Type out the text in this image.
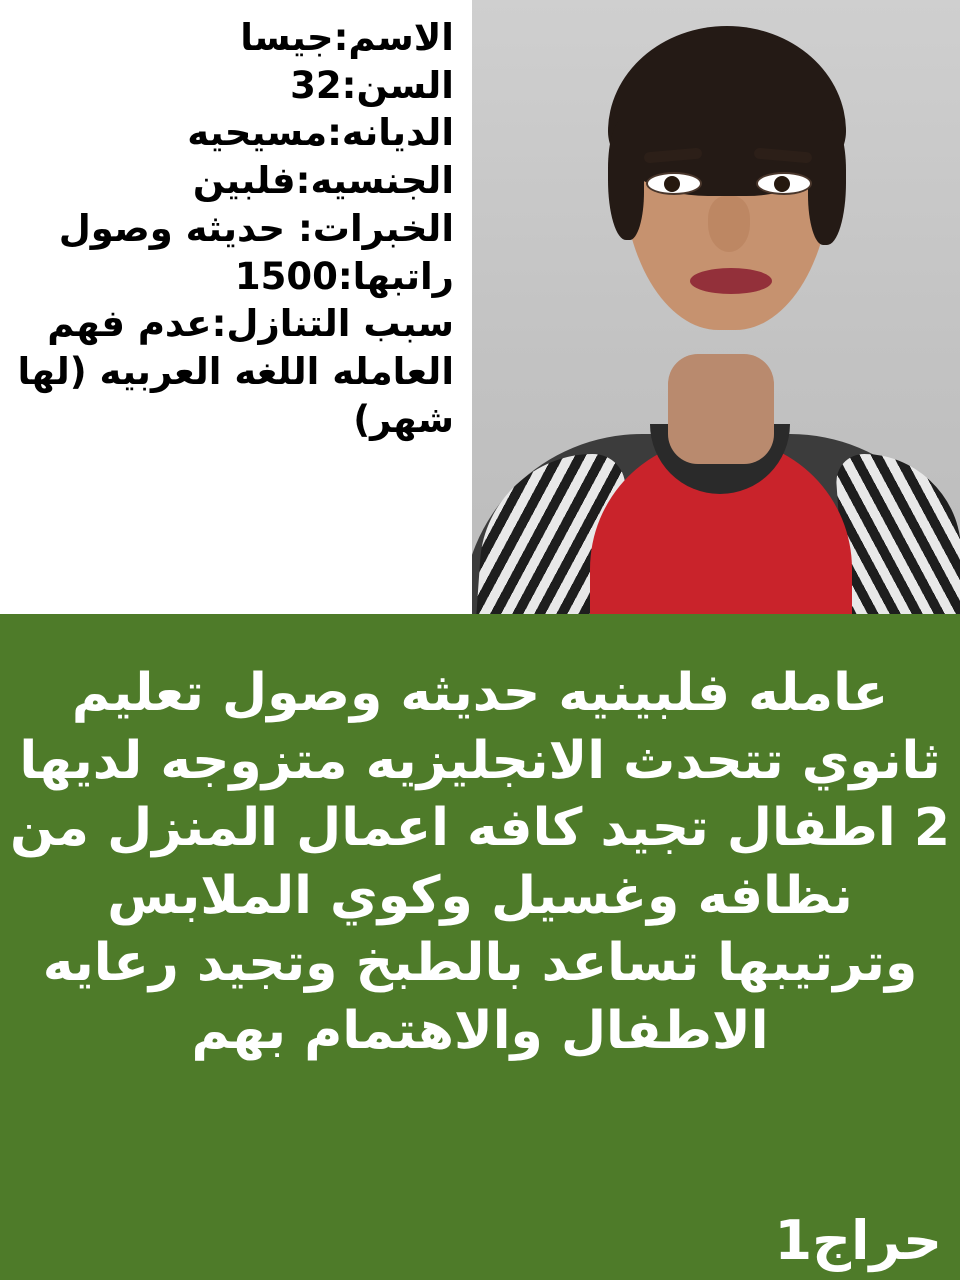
الاسم:جيسا
السن:32
الديانه:مسيحيه
الجنسيه:فلبين
الخبرات: حديثه وصول
راتبها:1500
سبب التنازل:عدم فهم العامله اللغه العربيه (لها شهر)
عامله فلبينيه حديثه وصول تعليم ثانوي تتحدث الانجليزيه متزوجه لديها 2 اطفال تجيد كافه اعمال المنزل من نظافه وغسيل وكوي الملابس وترتيبها تساعد بالطبخ وتجيد رعايه الاطفال والاهتمام بهم
حراج1
